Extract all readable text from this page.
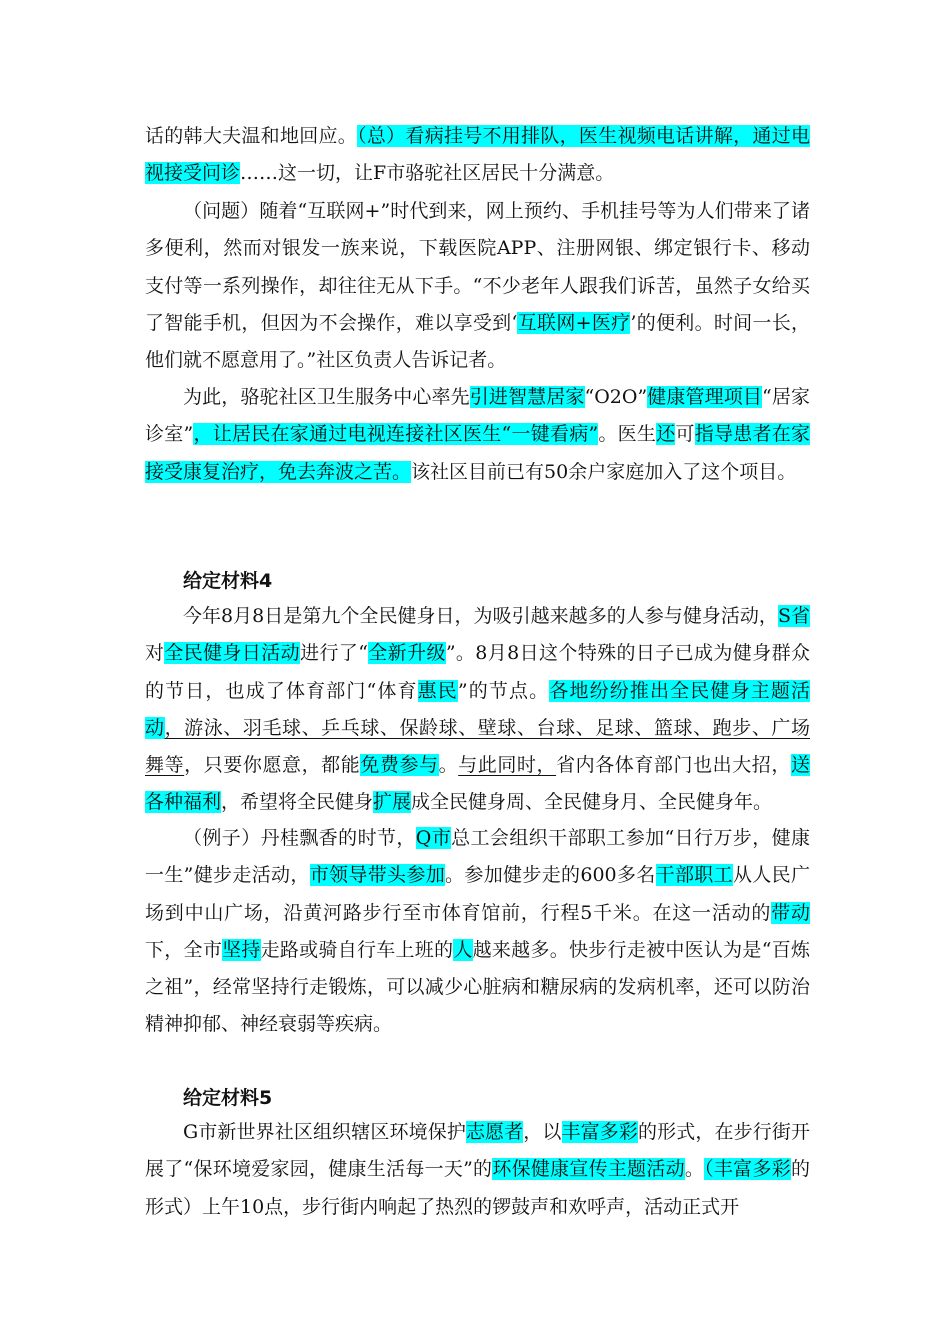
话的韩大夫温和地回应。（总）看病挂号不用排队，医生视频电话讲解，通过电视接受问诊……这一切，让F市骆驼社区居民十分满意。

（问题）随着“互联网+”时代到来，网上预约、手机挂号等为人们带来了诸多便利，然而对银发一族来说，下载医院APP、注册网银、绑定银行卡、移动支付等一系列操作，却往往无从下手。“不少老年人跟我们诉苦，虽然子女给买了智能手机，但因为不会操作，难以享受到‘互联网+医疗’的便利。时间一长，他们就不愿意用了。”社区负责人告诉记者。

为此，骆驼社区卫生服务中心率先引进智慧居家“O2O”健康管理项目“居家诊室”，让居民在家通过电视连接社区医生“一键看病”。医生还可指导患者在家接受康复治疗，免去奔波之苦。该社区目前已有50余户家庭加入了这个项目。

给定材料4

今年8月8日是第九个全民健身日，为吸引越来越多的人参与健身活动，S省对全民健身日活动进行了“全新升级”。8月8日这个特殊的日子已成为健身群众的节日，也成了体育部门“体育惠民”的节点。各地纷纷推出全民健身主题活动，游泳、羽毛球、乒乓球、保龄球、壁球、台球、足球、篮球、跑步、广场舞等，只要你愿意，都能免费参与。与此同时，省内各体育部门也出大招，送各种福利，希望将全民健身扩展成全民健身周、全民健身月、全民健身年。

（例子）丹桂飘香的时节，Q市总工会组织干部职工参加“日行万步，健康一生”健步走活动，市领导带头参加。参加健步走的600多名干部职工从人民广场到中山广场，沿黄河路步行至市体育馆前，行程5千米。在这一活动的带动下，全市坚持走路或骑自行车上班的人越来越多。快步行走被中医认为是“百炼之祖”，经常坚持行走锻炼，可以减少心脏病和糖尿病的发病机率，还可以防治精神抑郁、神经衰弱等疾病。

给定材料5

G市新世界社区组织辖区环境保护志愿者，以丰富多彩的形式，在步行街开展了“保环境爱家园，健康生活每一天”的环保健康宣传主题活动。（丰富多彩的形式）上午10点，步行街内响起了热烈的锣鼓声和欢呼声，活动正式开
